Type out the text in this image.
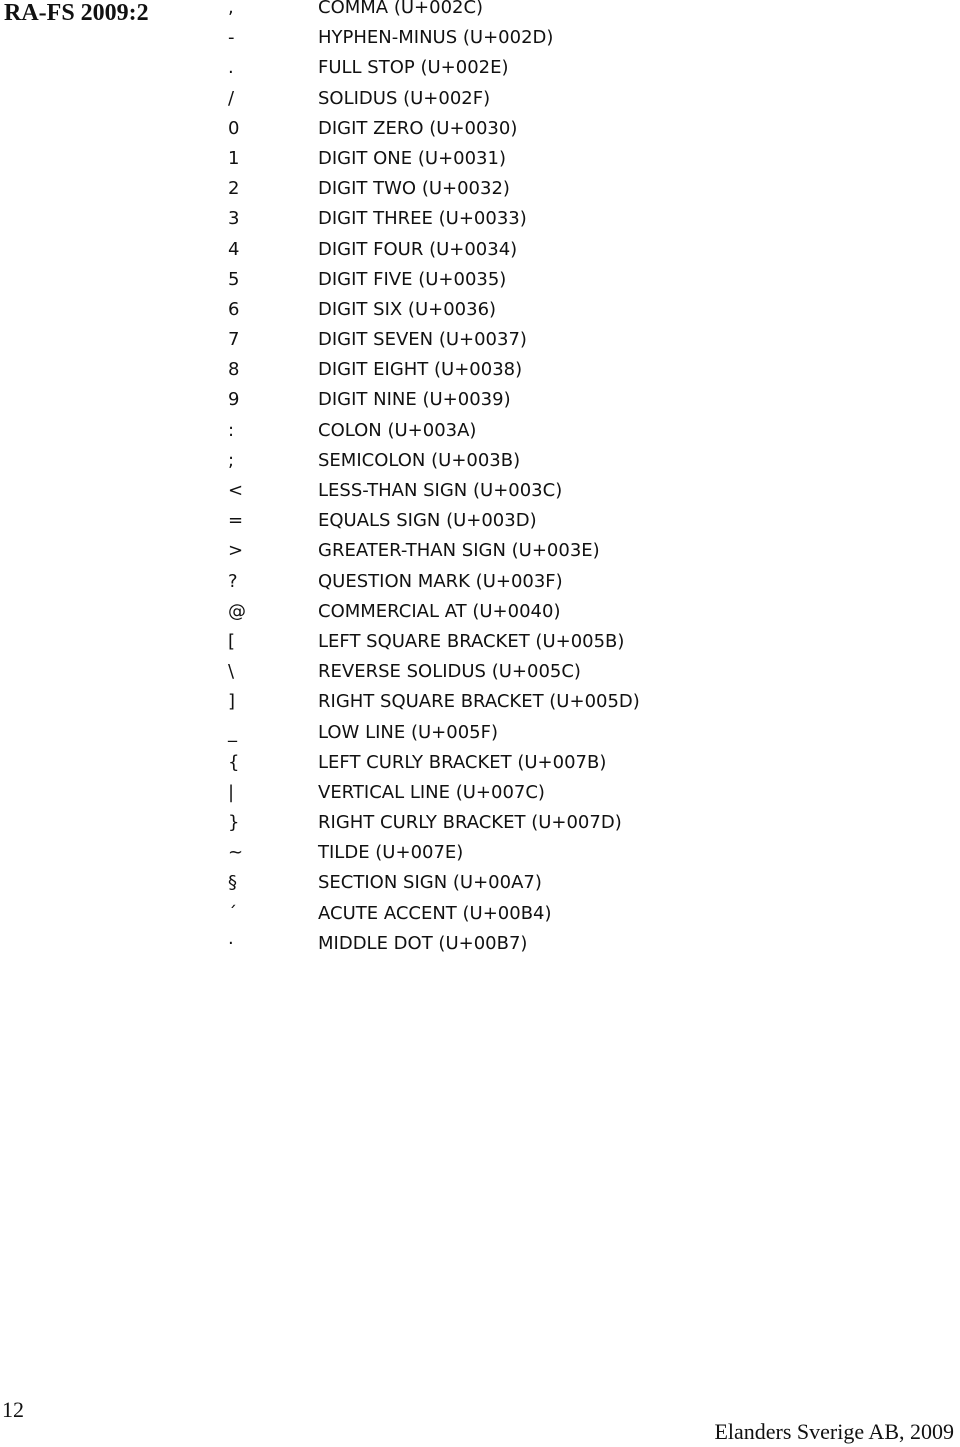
RA-FS 2009:2	,	COMMA (U+002C)
-	HYPHEN-MINUS (U+002D)
.	FULL STOP (U+002E)
/	SOLIDUS (U+002F)
0	DIGIT ZERO (U+0030)
1	DIGIT ONE (U+0031)
2	DIGIT TWO (U+0032)
3	DIGIT THREE (U+0033)
4	DIGIT FOUR (U+0034)
5	DIGIT FIVE (U+0035)
6	DIGIT SIX (U+0036)
7	DIGIT SEVEN (U+0037)
8	DIGIT EIGHT (U+0038)
9	DIGIT NINE (U+0039)
:	COLON (U+003A)
;	SEMICOLON (U+003B)
<	LESS-THAN SIGN (U+003C)
=	EQUALS SIGN (U+003D)
>	GREATER-THAN SIGN (U+003E)
?	QUESTION MARK (U+003F)
@	COMMERCIAL AT (U+0040)
[	LEFT SQUARE BRACKET (U+005B)
\	REVERSE SOLIDUS (U+005C)
]	RIGHT SQUARE BRACKET (U+005D)
_	LOW LINE (U+005F)
{	LEFT CURLY BRACKET (U+007B)
|	VERTICAL LINE (U+007C)
}	RIGHT CURLY BRACKET (U+007D)
~	TILDE (U+007E)
§	SECTION SIGN (U+00A7)
´	ACUTE ACCENT (U+00B4)
·	MIDDLE DOT (U+00B7)
12
Elanders Sverige AB, 2009
